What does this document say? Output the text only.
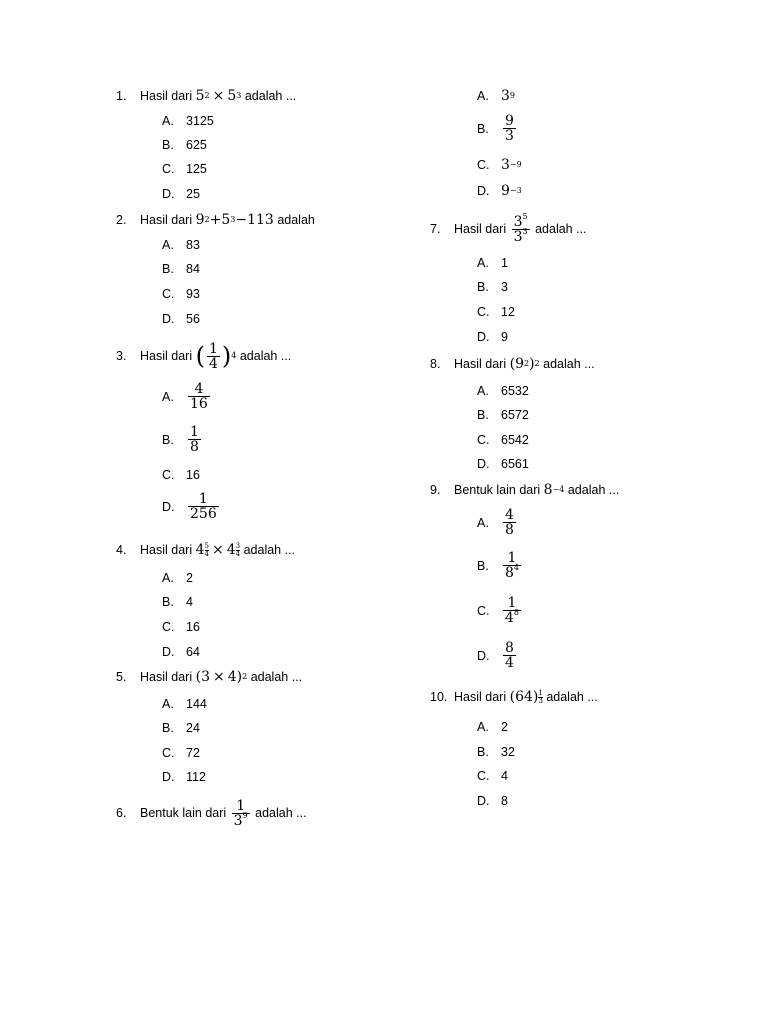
1.	Hasil dari
5 2 × 5 3
adalah ...
A. 3125
B. 625
C. 125
D. 25
2.	Hasil dari
9 2 + 5 3 − 113
adalah
A. 83
B. 84
C. 93
D. 56
3.	Hasil dari
( $\frac{1}{4}$ ) 4
adalah ...
A.	$\frac{4}{16}$
B.	$\frac{1}{8}$
C. 16
D. $\frac{1}{256}$
4.	Hasil dari
$4 \frac{5}{4} \times 4$ 3
4
adalah ...
A. 2
B. 4
C. 16
D. 64
5.	Hasil dari
( 3 × 4 ) 2
adalah ...
A. 144
B. 24
C. 72
D. 112
6.	Bentuk lain dari
$\frac{1}{3^9}$
adalah ...
A. 3 9
B.	$\frac{9}{3}$
C. 3 −9
D. 9 −3
7.	Hasil dari
$\frac{3^5}{3^3}$
adalah ...
A. 1
B. 3
C. 12
D. 9
8.	Hasil dari
( 9 2 ) 2
adalah ...
A. 6532
B. 6572
C. 6542
D. 6561
9.	Bentuk lain dari
8 −4
adalah ...
A.	$\frac{4}{8}$
B.	$\frac{1}{8^4}$
C. $\frac{1}{4^8}$
D. $\frac{8}{4}$
10. Hasil dari
( 64 ) 1
3
adalah ...
A. 2
B. 32
C. 4
D. 8
